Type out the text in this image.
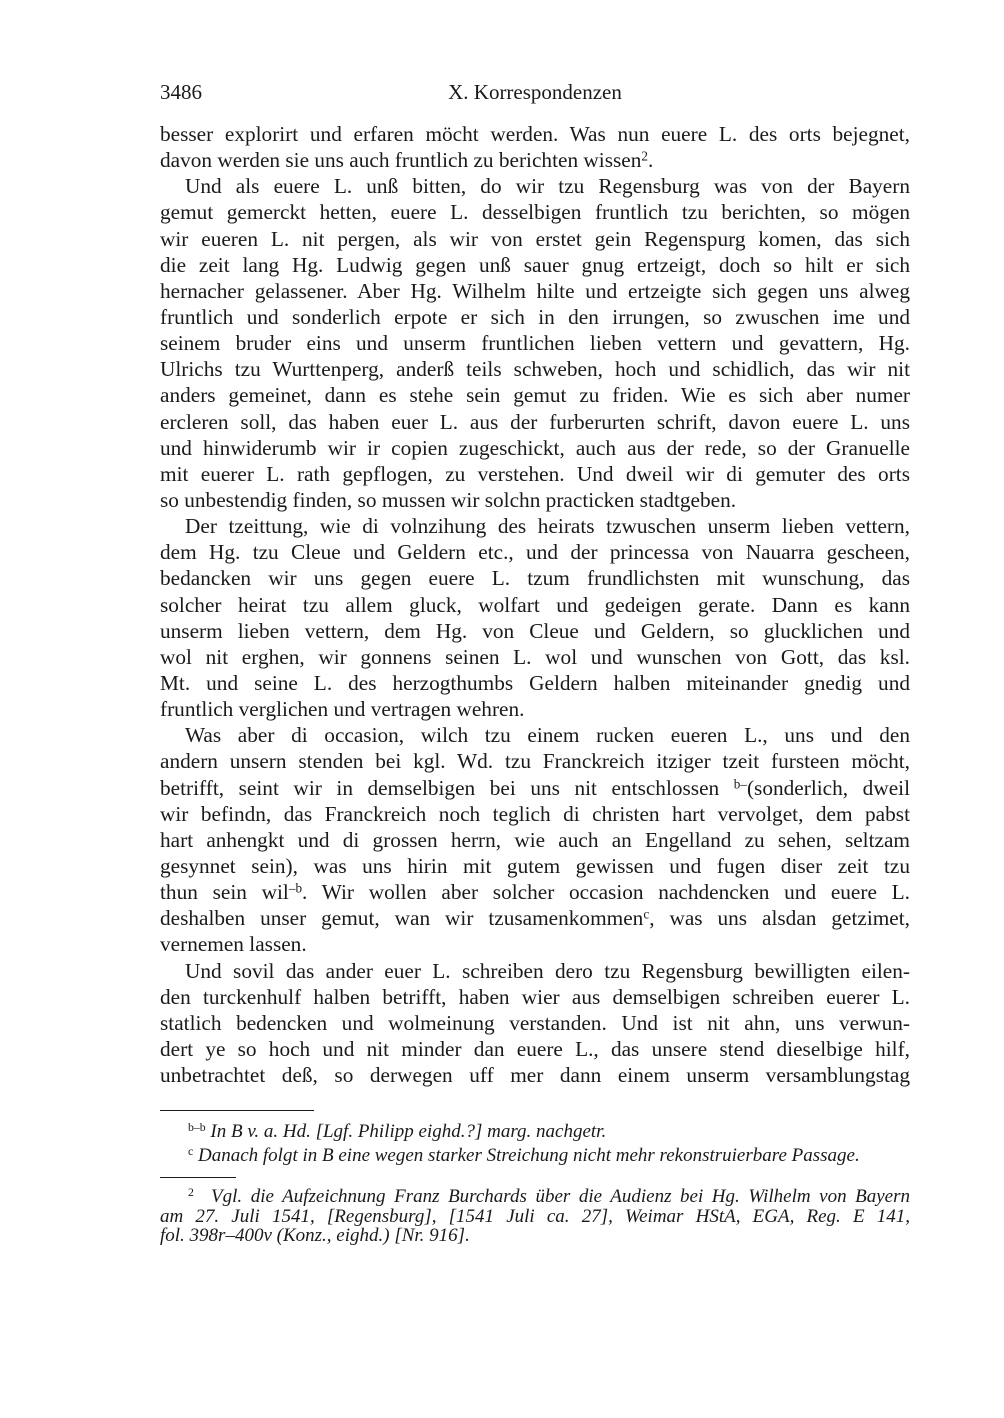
3486	X. Korrespondenzen
besser explorirt und erfaren möcht werden. Was nun euere L. des orts bejegnet,
davon werden sie uns auch fruntlich zu berichten wissen$^2$.
Und als euere L. unß bitten, do wir tzu Regensburg was von der Bayern
gemut gemerckt hetten, euere L. desselbigen fruntlich tzu berichten, so mögen
wir eueren L. nit pergen, als wir von erstet gein Regenspurg komen, das sich
die zeit lang Hg. Ludwig gegen unß sauer gnug ertzeigt, doch so hilt er sich
hernacher gelassener. Aber Hg. Wilhelm hilte und ertzeigte sich gegen uns alweg
fruntlich und sonderlich erpote er sich in den irrungen, so zwuschen ime und
seinem bruder eins und unserm fruntlichen lieben vettern und gevattern, Hg.
Ulrichs tzu Wurttenperg, anderß teils schweben, hoch und schidlich, das wir nit
anders gemeinet, dann es stehe sein gemut zu friden. Wie es sich aber numer
ercleren soll, das haben euer L. aus der furberurten schrift, davon euere L. uns
und hinwiderumb wir ir copien zugeschickt, auch aus der rede, so der Granuelle
mit euerer L. rath gepflogen, zu verstehen. Und dweil wir di gemuter des orts
so unbestendig finden, so mussen wir solchn practicken stadtgeben.
Der tzeittung, wie di volnzihung des heirats tzwuschen unserm lieben vettern,
dem Hg. tzu Cleue und Geldern etc., und der princessa von Nauarra gescheen,
bedancken wir uns gegen euere L. tzum frundlichsten mit wunschung, das
solcher heirat tzu allem gluck, wolfart und gedeigen gerate. Dann es kann
unserm lieben vettern, dem Hg. von Cleue und Geldern, so glucklichen und
wol nit erghen, wir gonnens seinen L. wol und wunschen von Gott, das ksl.
Mt. und seine L. des herzogthumbs Geldern halben miteinander gnedig und
fruntlich verglichen und vertragen wehren.
Was aber di occasion, wilch tzu einem rucken eueren L., uns und den
andern unsern stenden bei kgl. Wd. tzu Franckreich itziger tzeit fursteen möcht,
betrifft, seint wir in demselbigen bei uns nit entschlossen $^{b-}$(sonderlich, dweil
wir befindn, das Franckreich noch teglich di christen hart vervolget, dem pabst
hart anhengkt und di grossen herrn, wie auch an Engelland zu sehen, seltzam
gesynnet sein), was uns hirin mit gutem gewissen und fugen diser zeit tzu
thun sein wil$^{-b}$. Wir wollen aber solcher occasion nachdencken und euere L.
deshalben unser gemut, wan wir tzusamenkommen$^c$, was uns alsdan getzimet,
vernemen lassen.
Und sovil das ander euer L. schreiben dero tzu Regensburg bewilligten eilen-
den turckenhulf halben betrifft, haben wier aus demselbigen schreiben euerer L.
statlich bedencken und wolmeinung verstanden. Und ist nit ahn, uns verwun-
dert ye so hoch und nit minder dan euere L., das unsere stend dieselbige hilf,
unbetrachtet deß, so derwegen uff mer dann einem unserm versamblungstag
$^{b-b}$ In B v. a. Hd. [Lgf. Philipp eighd.?] marg. nachgetr.
$^c$ Danach folgt in B eine wegen starker Streichung nicht mehr rekonstruierbare Passage.
$^2$ Vgl. die Aufzeichnung Franz Burchards über die Audienz bei Hg. Wilhelm von Bayern
am 27. Juli 1541, [Regensburg], [1541 Juli ca. 27], Weimar HStA, EGA, Reg. E 141,
fol. 398r–400v (Konz., eighd.) [Nr. 916].
